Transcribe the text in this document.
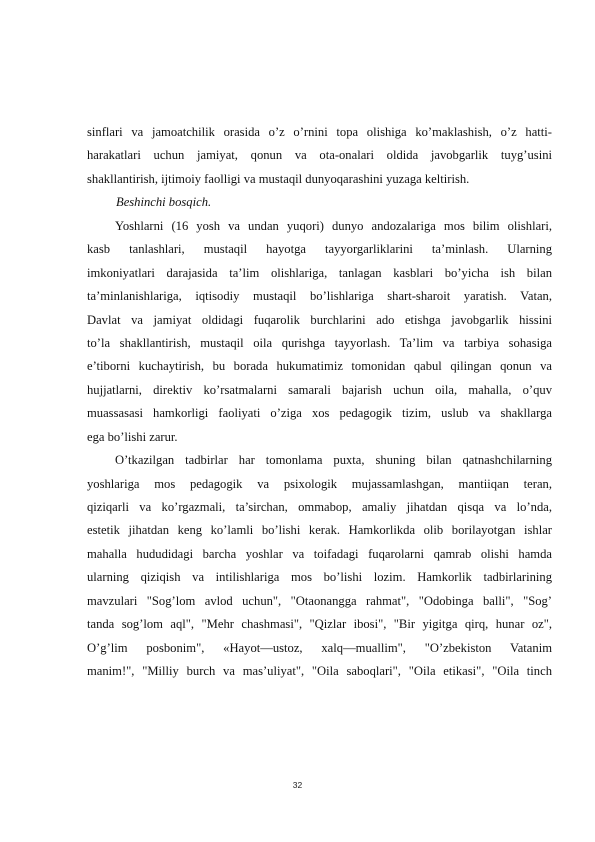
sinflari va jamoatchilik orasida o’z o’rnini topa olishiga ko’maklashish, o’z hatti-
harakatlari uchun jamiyat, qonun va ota-onalari oldida javobgarlik tuyg’usini
shakllantirish, ijtimoiy faolligi va mustaqil dunyoqarashini yuzaga keltirish.
Beshinchi bosqich.
Yoshlarni (16 yosh va undan yuqori) dunyo andozalariga mos bilim olishlari,
kasb tanlashlari, mustaqil hayotga tayyorgarliklarini ta’minlash. Ularning
imkoniyatlari darajasida ta’lim olishlariga, tanlagan kasblari bo’yicha ish bilan
ta’minlanishlariga, iqtisodiy mustaqil bo’lishlariga shart-sharoit yaratish. Vatan,
Davlat va jamiyat oldidagi fuqarolik burchlarini ado etishga javobgarlik hissini
to’la shakllantirish, mustaqil oila qurishga tayyorlash. Ta’lim va tarbiya sohasiga
e’tiborni kuchaytirish, bu borada hukumatimiz tomonidan qabul qilingan qonun va
hujjatlarni, direktiv ko’rsatmalarni samarali bajarish uchun oila, mahalla, o’quv
muassasasi hamkorligi faoliyati o’ziga xos pedagogik tizim, uslub va shakllarga
ega bo’lishi zarur.
O’tkazilgan tadbirlar har tomonlama puxta, shuning bilan qatnashchilarning
yoshlariga mos pedagogik va psixologik mujassamlashgan, mantiiqan teran,
qiziqarli va ko’rgazmali, ta’sirchan, ommabop, amaliy jihatdan qisqa va lo’nda,
estetik jihatdan keng ko’lamli bo’lishi kerak. Hamkorlikda olib borilayotgan ishlar
mahalla hududidagi barcha yoshlar va toifadagi fuqarolarni qamrab olishi hamda
ularning qiziqish va intilishlariga mos bo’lishi lozim. Hamkorlik tadbirlarining
mavzulari "Sog’lom avlod uchun", "Otaonangga rahmat", "Odobinga balli", "Sog’
tanda sog’lom aql", "Mehr chashmasi", "Qizlar ibosi", "Bir yigitga qirq, hunar oz",
O’g’lim posbonim", «Hayot—ustoz, xalq—muallim", "O’zbekiston Vatanim
manim!", "Milliy burch va mas’uliyat", "Oila saboqlari", "Oila etikasi", "Oila tinch
32
